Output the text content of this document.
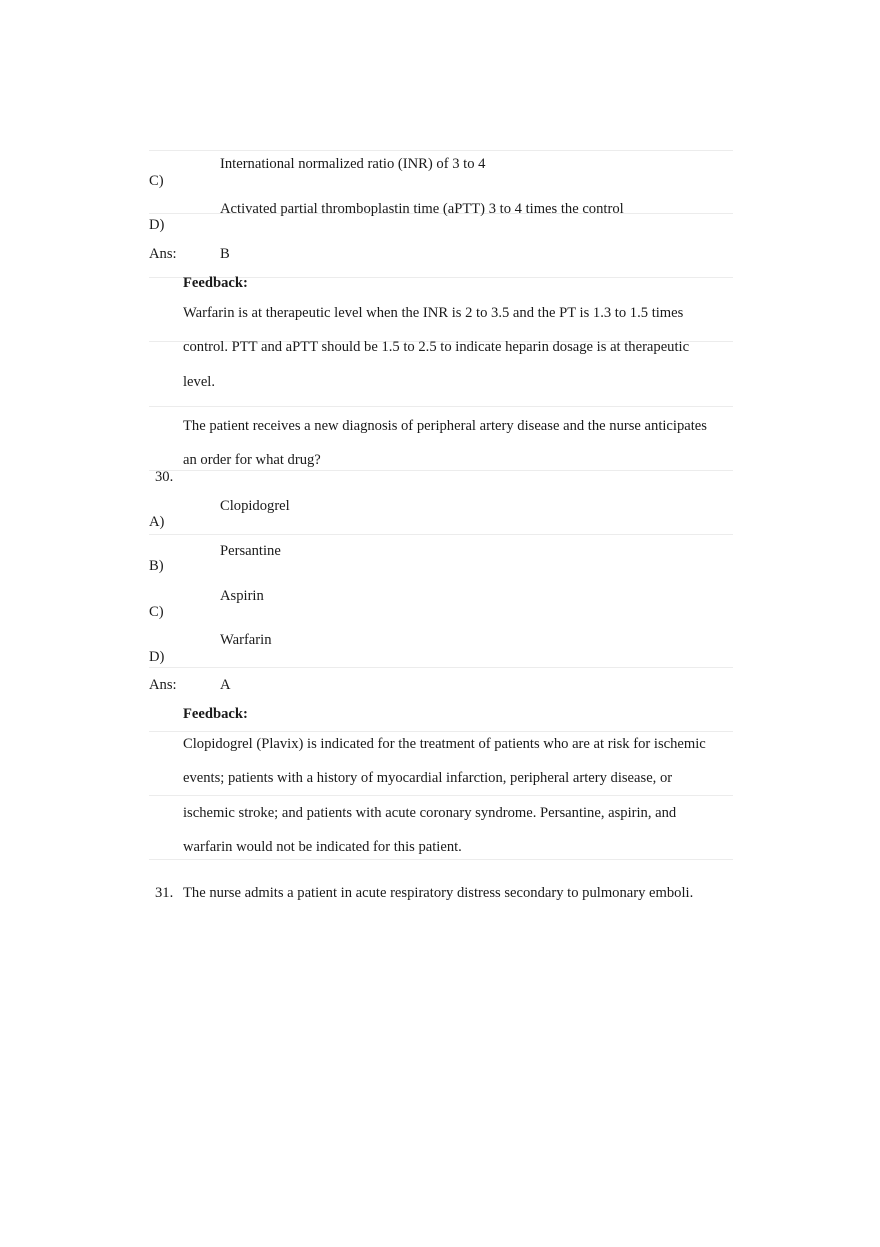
International normalized ratio (INR) of 3 to 4
C)
Activated partial thromboplastin time (aPTT) 3 to 4 times the control
D)
Ans:	B
Feedback:
Warfarin is at therapeutic level when the INR is 2 to 3.5 and the PT is 1.3 to 1.5 times
control. PTT and aPTT should be 1.5 to 2.5 to indicate heparin dosage is at therapeutic
level.
The patient receives a new diagnosis of peripheral artery disease and the nurse anticipates
an order for what drug?
30.
Clopidogrel
A)
Persantine
B)
Aspirin
C)
Warfarin
D)
Ans:	A
Feedback:
Clopidogrel (Plavix) is indicated for the treatment of patients who are at risk for ischemic
events; patients with a history of myocardial infarction, peripheral artery disease, or
ischemic stroke; and patients with acute coronary syndrome. Persantine, aspirin, and
warfarin would not be indicated for this patient.
31. The nurse admits a patient in acute respiratory distress secondary to pulmonary emboli.
